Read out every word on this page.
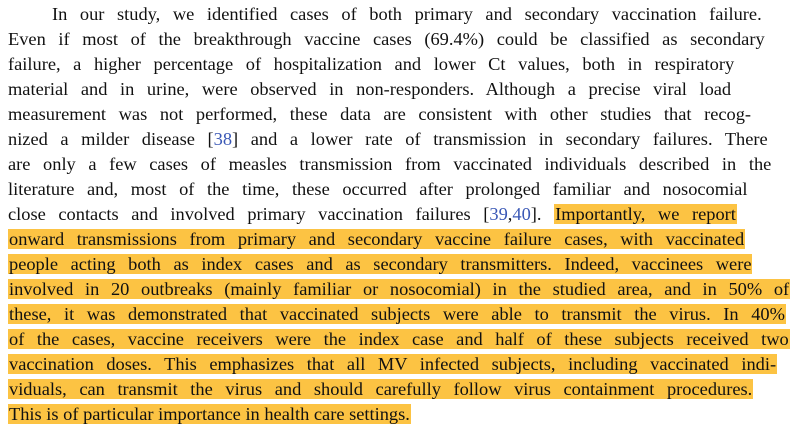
In our study, we identified cases of both primary and secondary vaccination failure.
Even if most of the breakthrough vaccine cases (69.4%) could be classified as secondary
failure, a higher percentage of hospitalization and lower Ct values, both in respiratory
material and in urine, were observed in non-responders. Although a precise viral load
measurement was not performed, these data are consistent with other studies that recog-
nized a milder disease [38] and a lower rate of transmission in secondary failures. There
are only a few cases of measles transmission from vaccinated individuals described in the
literature and, most of the time, these occurred after prolonged familiar and nosocomial
close contacts and involved primary vaccination failures [39,40]. Importantly, we report
onward transmissions from primary and secondary vaccine failure cases, with vaccinated
people acting both as index cases and as secondary transmitters. Indeed, vaccinees were
involved in 20 outbreaks (mainly familiar or nosocomial) in the studied area, and in 50% of
these, it was demonstrated that vaccinated subjects were able to transmit the virus. In 40%
of the cases, vaccine receivers were the index case and half of these subjects received two
vaccination doses. This emphasizes that all MV infected subjects, including vaccinated indi-
viduals, can transmit the virus and should carefully follow virus containment procedures.
This is of particular importance in health care settings.
